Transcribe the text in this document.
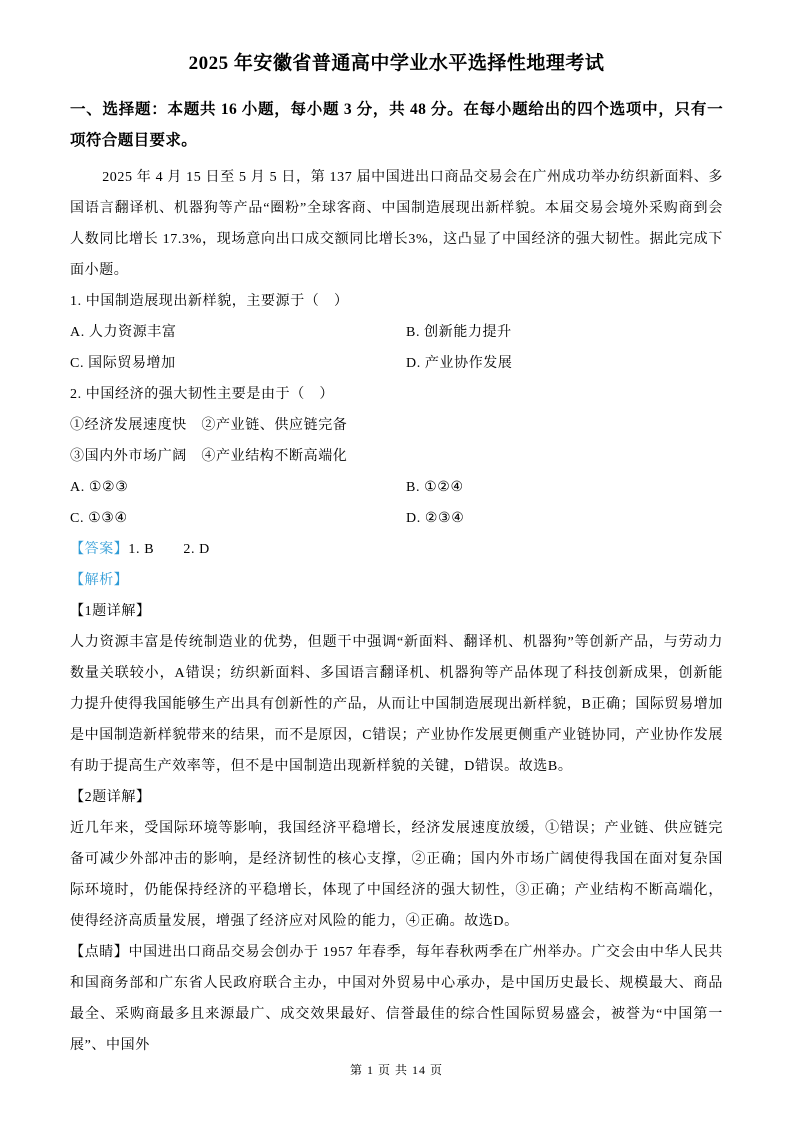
2025 年安徽省普通高中学业水平选择性地理考试

一、选择题：本题共 16 小题，每小题 3 分，共 48 分。在每小题给出的四个选项中，只有一项符合题目要求。

2025 年 4 月 15 日至 5 月 5 日，第 137 届中国进出口商品交易会在广州成功举办纺织新面料、多国语言翻译机、机器狗等产品“圈粉”全球客商、中国制造展现出新样貌。本届交易会境外采购商到会人数同比增长 17.3%，现场意向出口成交额同比增长3%，这凸显了中国经济的强大韧性。据此完成下面小题。

1. 中国制造展现出新样貌，主要源于（　）

A. 人力资源丰富	B. 创新能力提升
C. 国际贸易增加	D. 产业协作发展

2. 中国经济的强大韧性主要是由于（　）

①经济发展速度快　②产业链、供应链完备

③国内外市场广阔　④产业结构不断高端化

A. ①②③	B. ①②④
C. ①③④	D. ②③④

【答案】1. B　　2. D

【解析】

【1题详解】

人力资源丰富是传统制造业的优势，但题干中强调“新面料、翻译机、机器狗”等创新产品，与劳动力数量关联较小，A错误；纺织新面料、多国语言翻译机、机器狗等产品体现了科技创新成果，创新能力提升使得我国能够生产出具有创新性的产品，从而让中国制造展现出新样貌，B正确；国际贸易增加是中国制造新样貌带来的结果，而不是原因，C错误；产业协作发展更侧重产业链协同，产业协作发展有助于提高生产效率等，但不是中国制造出现新样貌的关键，D错误。故选B。

【2题详解】

近几年来，受国际环境等影响，我国经济平稳增长，经济发展速度放缓，①错误；产业链、供应链完备可减少外部冲击的影响，是经济韧性的核心支撑，②正确；国内外市场广阔使得我国在面对复杂国际环境时，仍能保持经济的平稳增长，体现了中国经济的强大韧性，③正确；产业结构不断高端化，使得经济高质量发展，增强了经济应对风险的能力，④正确。故选D。

【点睛】中国进出口商品交易会创办于 1957 年春季，每年春秋两季在广州举办。广交会由中华人民共和国商务部和广东省人民政府联合主办，中国对外贸易中心承办，是中国历史最长、规模最大、商品最全、采购商最多且来源最广、成交效果最好、信誉最佳的综合性国际贸易盛会，被誉为“中国第一展”、中国外

第 1 页 共 14 页
